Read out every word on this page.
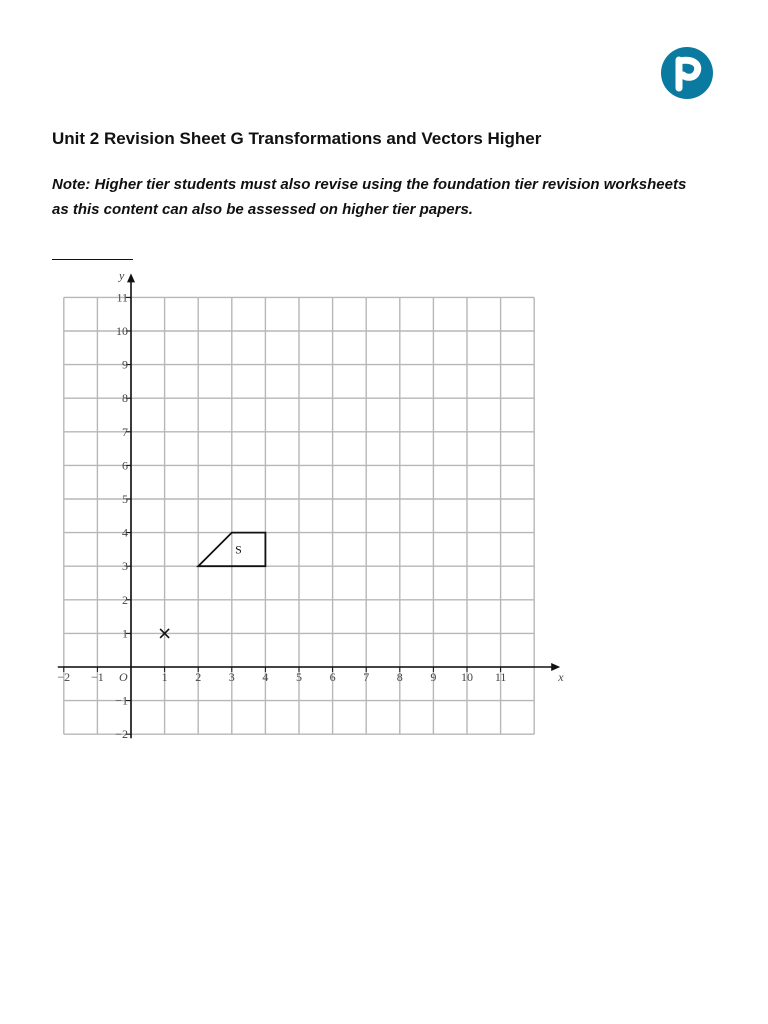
Unit 2 Revision Sheet G Transformations and Vectors Higher

Note: Higher tier students must also revise using the foundation tier revision worksheets as this content can also be assessed on higher tier papers.

x
y
O
−2 −1	1 2 3 4 5 6 7 8 9 10 11
11
10
9
8
7
6
5
4
3
2
1
−1
−2
S
